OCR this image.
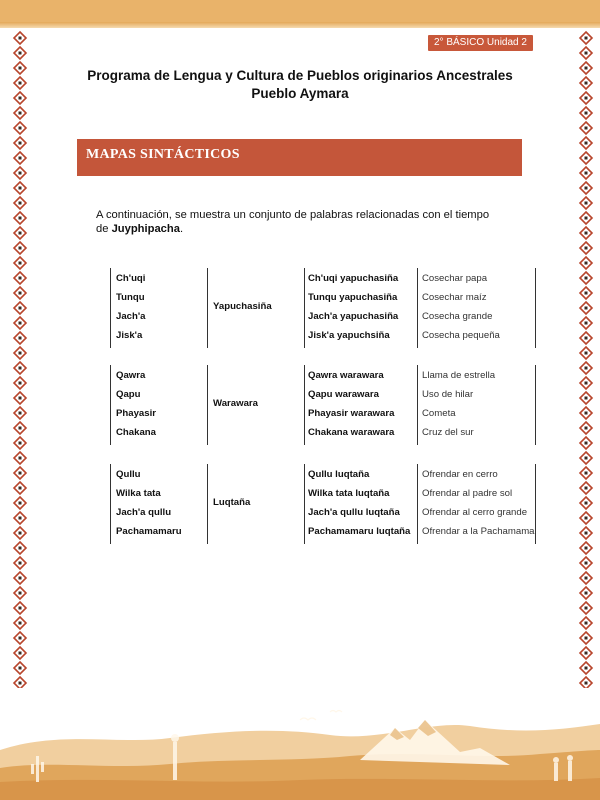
2° BÁSICO Unidad 2
Programa de Lengua y Cultura de Pueblos originarios Ancestrales
Pueblo Aymara
MAPAS SINTÁCTICOS
A continuación, se muestra un conjunto de palabras relacionadas con el tiempo de Juyphipacha.
Ch'uqi
Tunqu
Jach'a
Jisk'a
Yapuchasiña
Ch'uqi yapuchasiña
Tunqu yapuchasiña
Jach'a yapuchasiña
Jisk'a yapuchsiña
Cosechar papa
Cosechar maíz
Cosecha grande
Cosecha pequeña
Qawra
Qapu
Phayasir
Chakana
Warawara
Qawra warawara
Qapu warawara
Phayasir warawara
Chakana warawara
Llama de estrella
Uso de hilar
Cometa
Cruz del sur
Qullu
Wilka tata
Jach'a qullu
Pachamamaru
Luqtaña
Qullu luqtaña
Wilka tata luqtaña
Jach'a qullu luqtaña
Pachamamaru luqtaña
Ofrendar en cerro
Ofrendar al padre sol
Ofrendar al cerro grande
Ofrendar a la Pachamama
